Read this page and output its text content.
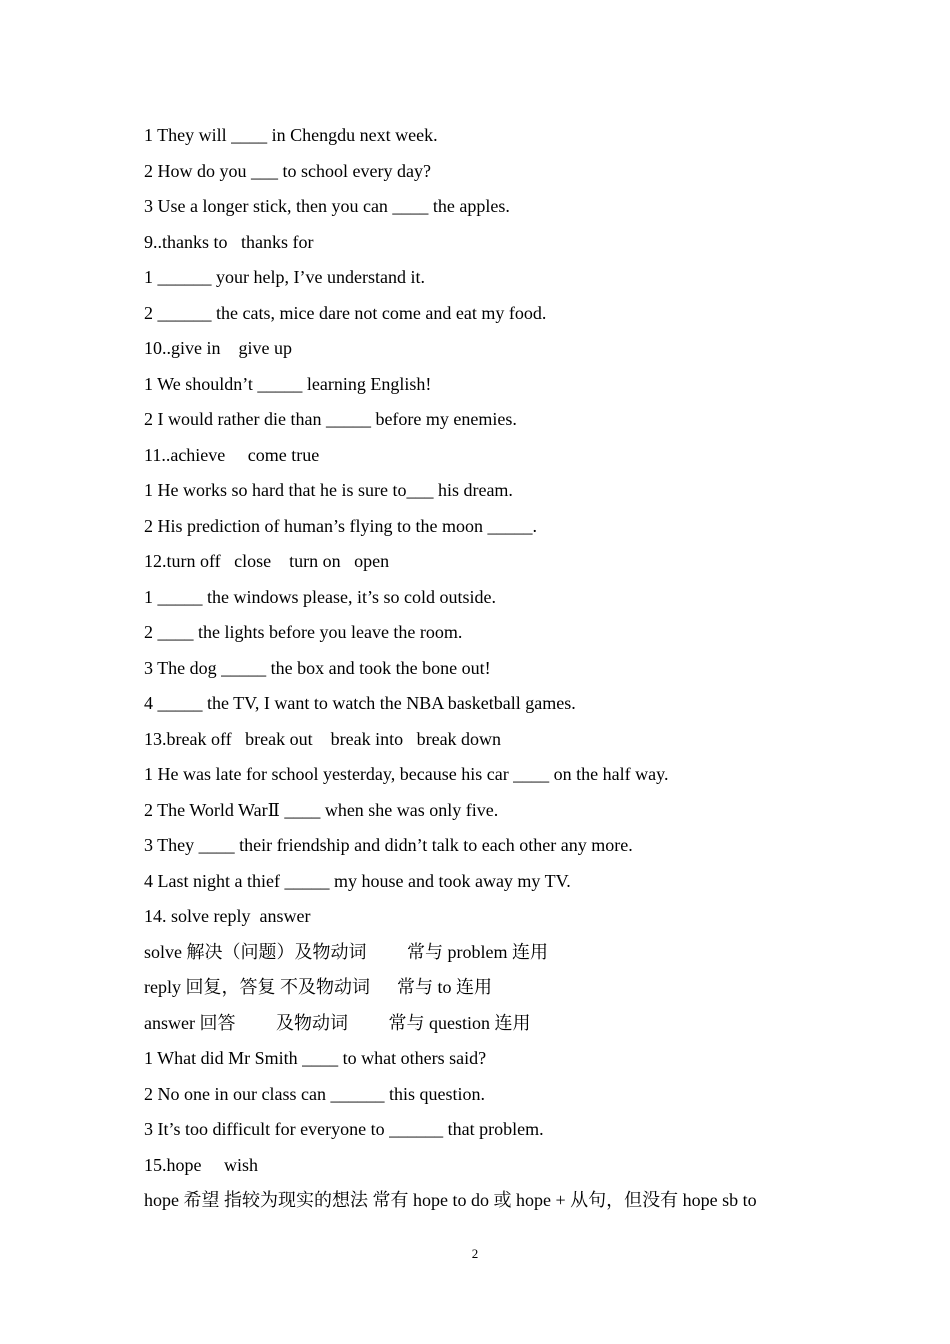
1 They will ____ in Chengdu next week.
2 How do you ___ to school every day?
3 Use a longer stick, then you can ____ the apples.
9..thanks to   thanks for
1 ______ your help, I’ve understand it.
2 ______ the cats, mice dare not come and eat my food.
10..give in    give up
1 We shouldn’t _____ learning English!
2 I would rather die than _____ before my enemies.
11..achieve     come true
1 He works so hard that he is sure to___ his dream.
2 His prediction of human’s flying to the moon _____.
12.turn off   close    turn on   open
1 _____ the windows please, it’s so cold outside.
2 ____ the lights before you leave the room.
3 The dog _____ the box and took the bone out!
4 _____ the TV, I want to watch the NBA basketball games.
13.break off   break out    break into   break down
1 He was late for school yesterday, because his car ____ on the half way.
2 The World WarⅡ ____ when she was only five.
3 They ____ their friendship and didn’t talk to each other any more.
4 Last night a thief _____ my house and took away my TV.
14. solve reply  answer
solve 解决（问题）及物动词         常与 problem 连用
reply 回复，答复 不及物动词      常与 to 连用
answer 回答         及物动词         常与 question 连用
1 What did Mr Smith ____ to what others said?
2 No one in our class can ______ this question.
3 It’s too difficult for everyone to ______ that problem.
15.hope     wish
hope 希望 指较为现实的想法 常有 hope to do 或 hope + 从句，但没有 hope sb to
2
